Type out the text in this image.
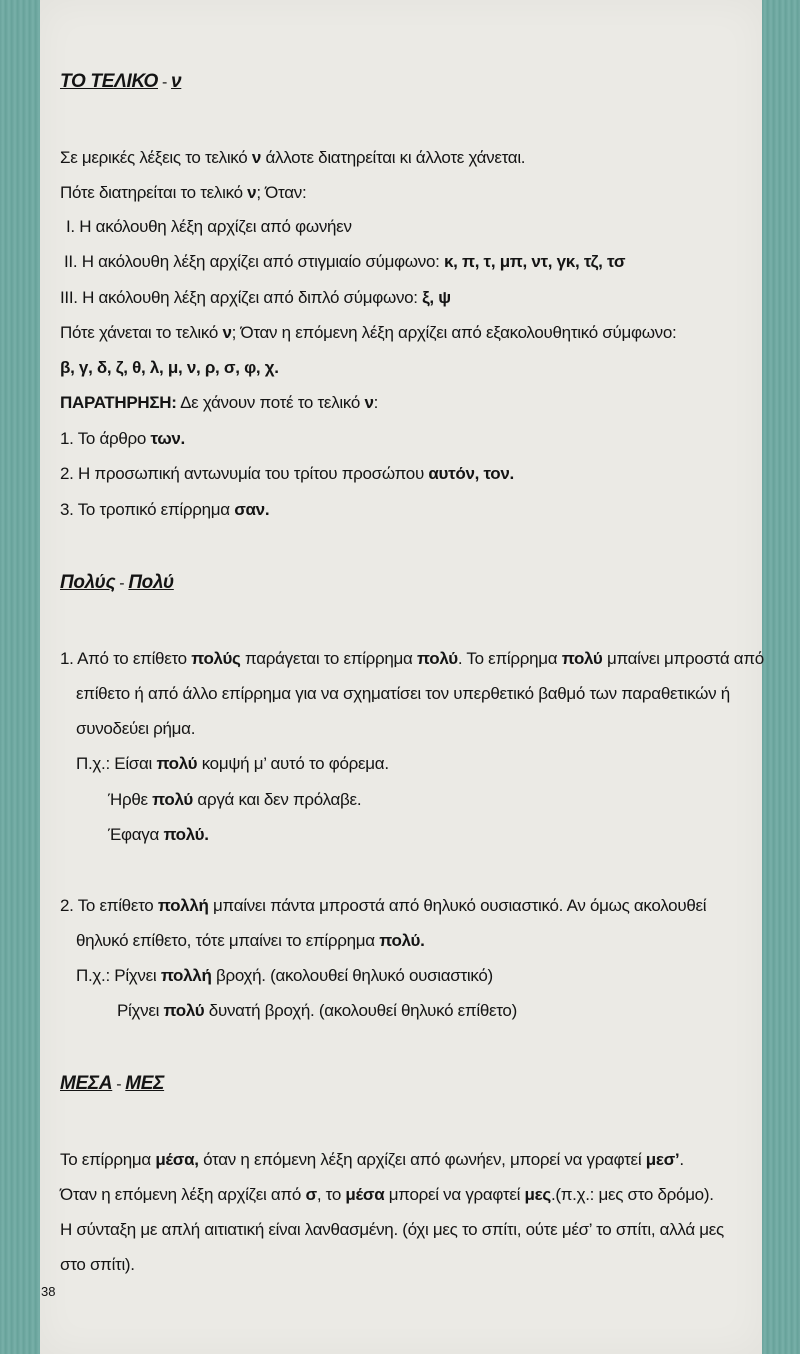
ΤΟ ΤΕΛΙΚΟ - ν
Σε μερικές λέξεις το τελικό ν άλλοτε διατηρείται κι άλλοτε χάνεται.
Πότε διατηρείται το τελικό ν; Όταν:
I. Η ακόλουθη λέξη αρχίζει από φωνήεν
II. Η ακόλουθη λέξη αρχίζει από στιγμιαίο σύμφωνο: κ, π, τ, μπ, ντ, γκ, τζ, τσ
III. Η ακόλουθη λέξη αρχίζει από διπλό σύμφωνο: ξ, ψ
Πότε χάνεται το τελικό ν; Όταν η επόμενη λέξη αρχίζει από εξακολουθητικό σύμφωνο:
β, γ, δ, ζ, θ, λ, μ, ν, ρ, σ, φ, χ.
ΠΑΡΑΤΗΡΗΣΗ: Δε χάνουν ποτέ το τελικό ν:
1. Το άρθρο των.
2. Η προσωπική αντωνυμία του τρίτου προσώπου αυτόν, τον.
3. Το τροπικό επίρρημα σαν.
Πολύς - Πολύ
1. Από το επίθετο πολύς παράγεται το επίρρημα πολύ. Το επίρρημα πολύ μπαίνει μπροστά από
επίθετο ή από άλλο επίρρημα για να σχηματίσει τον υπερθετικό βαθμό των παραθετικών ή
συνοδεύει ρήμα.
Π.χ.: Είσαι πολύ κομψή μ’ αυτό το φόρεμα.
Ήρθε πολύ αργά και δεν πρόλαβε.
Έφαγα πολύ.
2. Το επίθετο πολλή μπαίνει πάντα μπροστά από θηλυκό ουσιαστικό. Αν όμως ακολουθεί
θηλυκό επίθετο, τότε μπαίνει το επίρρημα πολύ.
Π.χ.: Ρίχνει πολλή βροχή. (ακολουθεί θηλυκό ουσιαστικό)
Ρίχνει πολύ δυνατή βροχή. (ακολουθεί θηλυκό επίθετο)
ΜΕΣΑ - ΜΕΣ
Το επίρρημα μέσα, όταν η επόμενη λέξη αρχίζει από φωνήεν, μπορεί να γραφτεί μεσ’.
Όταν η επόμενη λέξη αρχίζει από σ, το μέσα μπορεί να γραφτεί μες.(π.χ.: μες στο δρόμο).
Η σύνταξη με απλή αιτιατική είναι λανθασμένη. (όχι μες το σπίτι, ούτε μέσ’ το σπίτι, αλλά μες
στο σπίτι).
38
